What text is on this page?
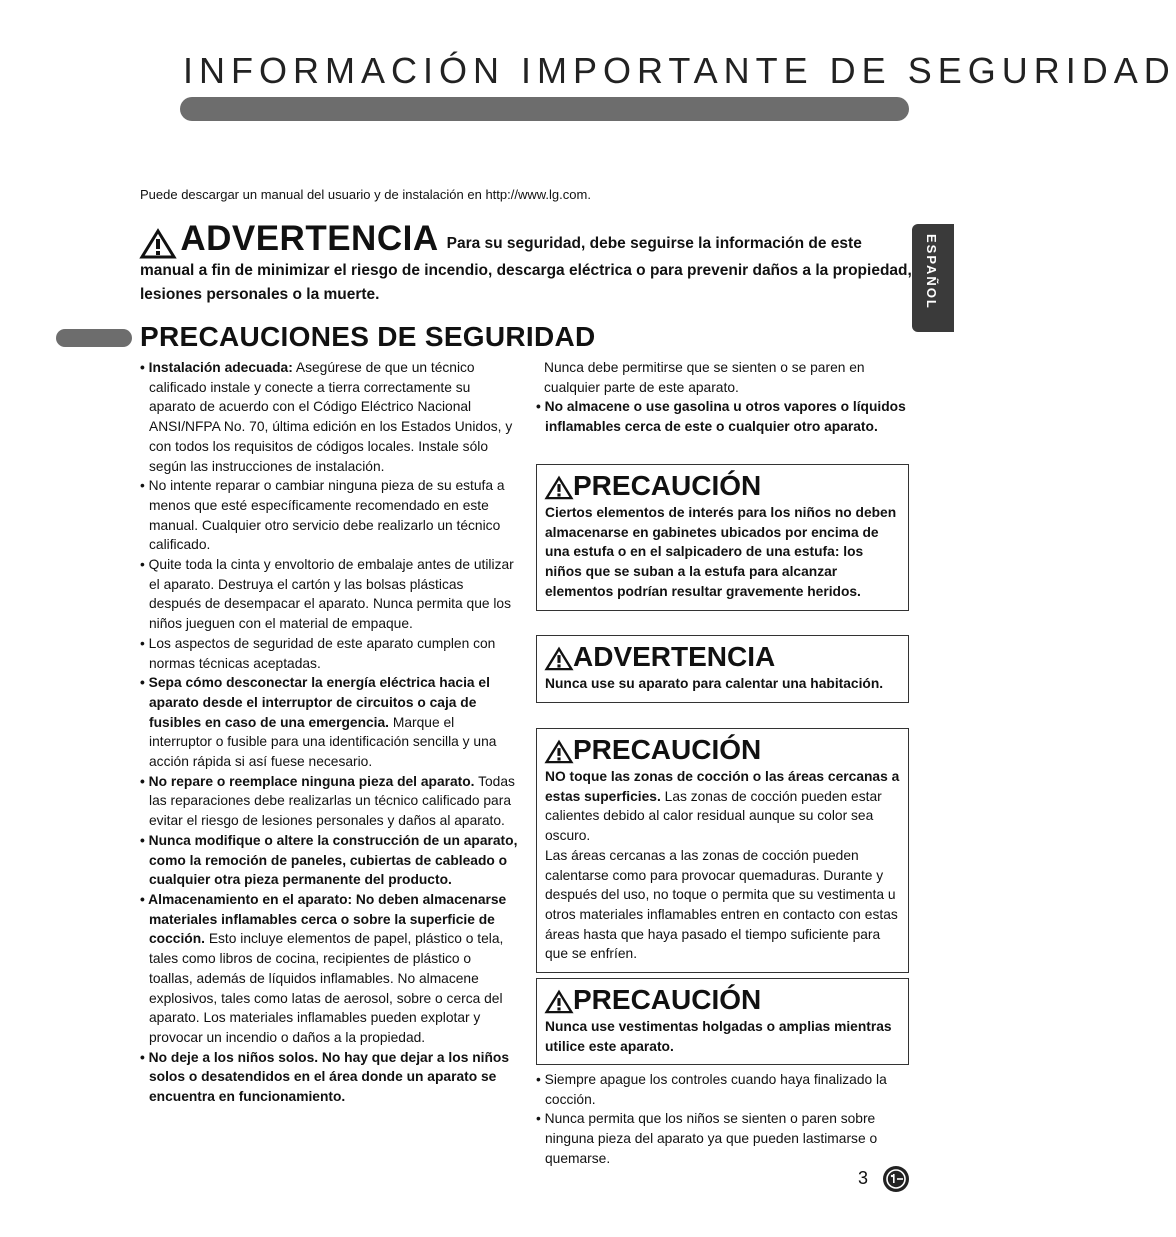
INFORMACIÓN IMPORTANTE DE SEGURIDAD
Puede descargar un manual del usuario y de instalación en http://www.lg.com.
ESPAÑOL
ADVERTENCIA Para su seguridad, debe seguirse la información de este manual a fin de minimizar el riesgo de incendio, descarga eléctrica o para prevenir daños a la propiedad, lesiones personales o la muerte.
PRECAUCIONES DE SEGURIDAD

• Instalación adecuada: Asegúrese de que un técnico calificado instale y conecte a tierra correctamente su aparato de acuerdo con el Código Eléctrico Nacional ANSI/NFPA No. 70, última edición en los Estados Unidos, y con todos los requisitos de códigos locales. Instale sólo según las instrucciones de instalación.

• No intente reparar o cambiar ninguna pieza de su estufa a menos que esté específicamente recomendado en este manual. Cualquier otro servicio debe realizarlo un técnico calificado.

• Quite toda la cinta y envoltorio de embalaje antes de utilizar el aparato. Destruya el cartón y las bolsas plásticas después de desempacar el aparato. Nunca permita que los niños jueguen con el material de empaque.

• Los aspectos de seguridad de este aparato cumplen con normas técnicas aceptadas.

• Sepa cómo desconectar la energía eléctrica hacia el aparato desde el interruptor de circuitos o caja de fusibles en caso de una emergencia. Marque el interruptor o fusible para una identificación sencilla y una acción rápida si así fuese necesario.

• No repare o reemplace ninguna pieza del aparato. Todas las reparaciones debe realizarlas un técnico calificado para evitar el riesgo de lesiones personales y daños al aparato.

• Nunca modifique o altere la construcción de un aparato, como la remoción de paneles, cubiertas de cableado o cualquier otra pieza permanente del producto.

• Almacenamiento en el aparato: No deben almacenarse materiales inflamables cerca o sobre la superficie de cocción. Esto incluye elementos de papel, plástico o tela, tales como libros de cocina, recipientes de plástico o toallas, además de líquidos inflamables. No almacene explosivos, tales como latas de aerosol, sobre o cerca del aparato. Los materiales inflamables pueden explotar y provocar un incendio o daños a la propiedad.

• No deje a los niños solos. No hay que dejar a los niños solos o desatendidos en el área donde un aparato se encuentra en funcionamiento.

Nunca debe permitirse que se sienten o se paren en cualquier parte de este aparato.

• No almacene o use gasolina u otros vapores o líquidos inflamables cerca de este o cualquier otro aparato.

PRECAUCIÓN
Ciertos elementos de interés para los niños no deben almacenarse en gabinetes ubicados por encima de una estufa o en el salpicadero de una estufa: los niños que se suban a la estufa para alcanzar elementos podrían resultar gravemente heridos.
ADVERTENCIA
Nunca use su aparato para calentar una habitación.
PRECAUCIÓN
NO toque las zonas de cocción o las áreas cercanas a estas superficies. Las zonas de cocción pueden estar calientes debido al calor residual aunque su color sea oscuro.
Las áreas cercanas a las zonas de cocción pueden calentarse como para provocar quemaduras. Durante y después del uso, no toque o permita que su vestimenta u otros materiales inflamables entren en contacto con estas áreas hasta que haya pasado el tiempo suficiente para que se enfríen.
PRECAUCIÓN
Nunca use vestimentas holgadas o amplias mientras utilice este aparato.

• Siempre apague los controles cuando haya finalizado la cocción.

• Nunca permita que los niños se sienten o paren sobre ninguna pieza del aparato ya que pueden lastimarse o quemarse.

3
